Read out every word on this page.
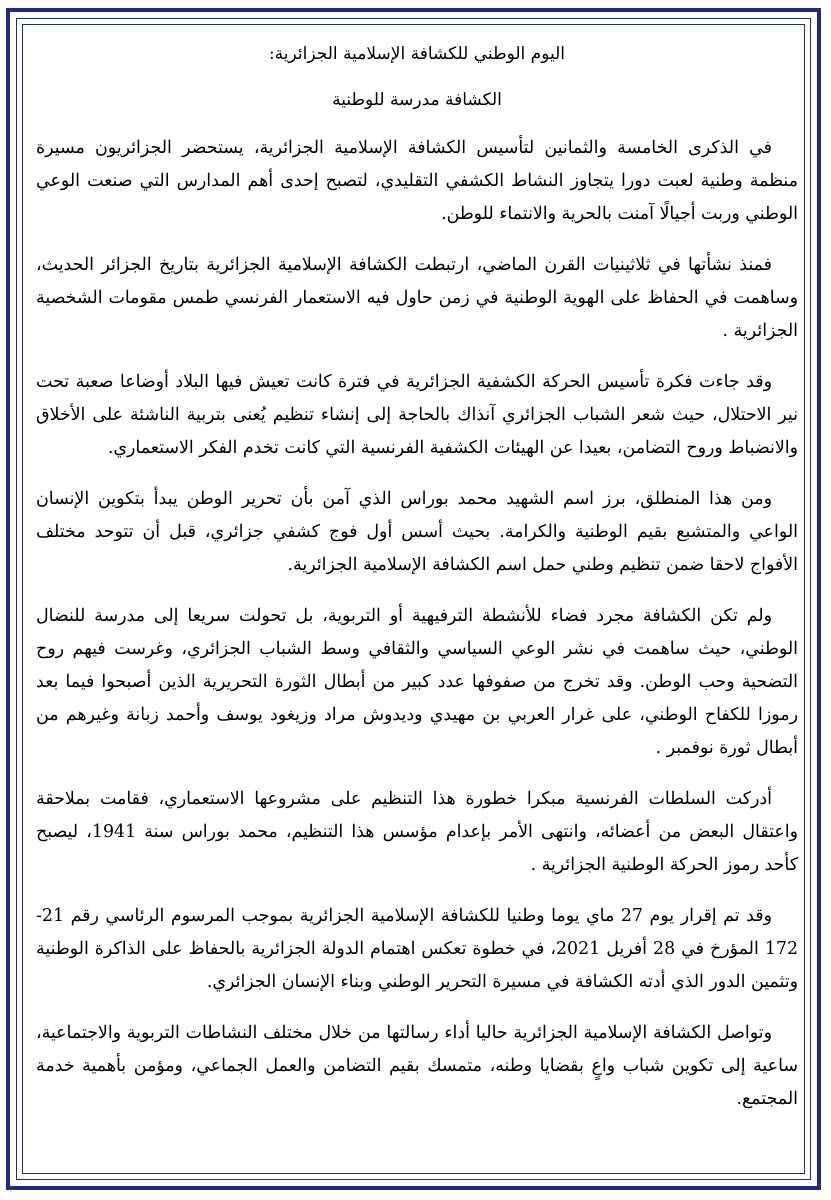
اليوم الوطني للكشافة الإسلامية الجزائرية:

الكشافة مدرسة للوطنية

في الذكرى الخامسة والثمانين لتأسيس الكشافة الإسلامية الجزائرية، يستحضر الجزائريون مسيرة منظمة وطنية لعبت دورا يتجاوز النشاط الكشفي التقليدي، لتصبح إحدى أهم المدارس التي صنعت الوعي الوطني وربت أجيالًا آمنت بالحرية والانتماء للوطن.

فمنذ نشأتها في ثلاثينيات القرن الماضي، ارتبطت الكشافة الإسلامية الجزائرية بتاريخ الجزائر الحديث، وساهمت في الحفاظ على الهوية الوطنية في زمن حاول فيه الاستعمار الفرنسي طمس مقومات الشخصية الجزائرية .

وقد جاءت فكرة تأسيس الحركة الكشفية الجزائرية في فترة كانت تعيش فيها البلاد أوضاعا صعبة تحت نير الاحتلال، حيث شعر الشباب الجزائري آنذاك بالحاجة إلى إنشاء تنظيم يُعنى بتربية الناشئة على الأخلاق والانضباط وروح التضامن، بعيدا عن الهيئات الكشفية الفرنسية التي كانت تخدم الفكر الاستعماري.

ومن هذا المنطلق، برز اسم الشهيد محمد بوراس الذي آمن بأن تحرير الوطن يبدأ بتكوين الإنسان الواعي والمتشبع بقيم الوطنية والكرامة. بحيث أسس أول فوج كشفي جزائري، قبل أن تتوحد مختلف الأفواج لاحقا ضمن تنظيم وطني حمل اسم الكشافة الإسلامية الجزائرية.

ولم تكن الكشافة مجرد فضاء للأنشطة الترفيهية أو التربوية، بل تحولت سريعا إلى مدرسة للنضال الوطني، حيث ساهمت في نشر الوعي السياسي والثقافي وسط الشباب الجزائري، وغرست فيهم روح التضحية وحب الوطن. وقد تخرج من صفوفها عدد كبير من أبطال الثورة التحريرية الذين أصبحوا فيما بعد رموزا للكفاح الوطني، على غرار العربي بن مهيدي وديدوش مراد وزيغود يوسف وأحمد زبانة وغيرهم من أبطال ثورة نوفمبر .

أدركت السلطات الفرنسية مبكرا خطورة هذا التنظيم على مشروعها الاستعماري، فقامت بملاحقة واعتقال البعض من أعضائه، وانتهى الأمر بإعدام مؤسس هذا التنظيم، محمد بوراس سنة 1941، ليصبح كأحد رموز الحركة الوطنية الجزائرية .

وقد تم إقرار يوم 27 ماي يوما وطنيا للكشافة الإسلامية الجزائرية بموجب المرسوم الرئاسي رقم 21-172 المؤرخ في 28 أفريل 2021، في خطوة تعكس اهتمام الدولة الجزائرية بالحفاظ على الذاكرة الوطنية وتثمين الدور الذي أدته الكشافة في مسيرة التحرير الوطني وبناء الإنسان الجزائري.

وتواصل الكشافة الإسلامية الجزائرية حاليا أداء رسالتها من خلال مختلف النشاطات التربوية والاجتماعية، ساعية إلى تكوين شباب واعٍ بقضايا وطنه، متمسك بقيم التضامن والعمل الجماعي، ومؤمن بأهمية خدمة المجتمع.
